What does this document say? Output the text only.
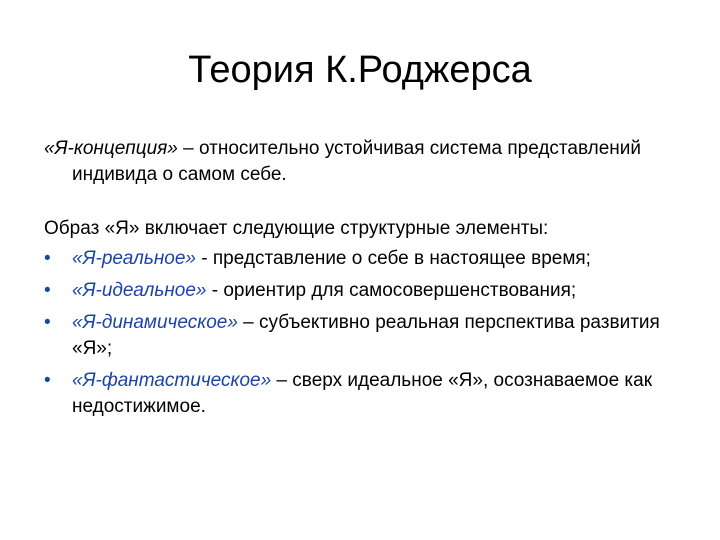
Теория К.Роджерса

«Я-концепция» – относительно устойчивая система представлений индивида о самом себе.

Образ «Я» включает следующие структурные элементы:

• «Я-реальное» - представление о себе в настоящее время;
• «Я-идеальное» - ориентир для самосовершенствования;
• «Я-динамическое» – субъективно реальная перспектива развития «Я»;
• «Я-фантастическое» – сверх идеальное «Я», осознаваемое как недостижимое.
